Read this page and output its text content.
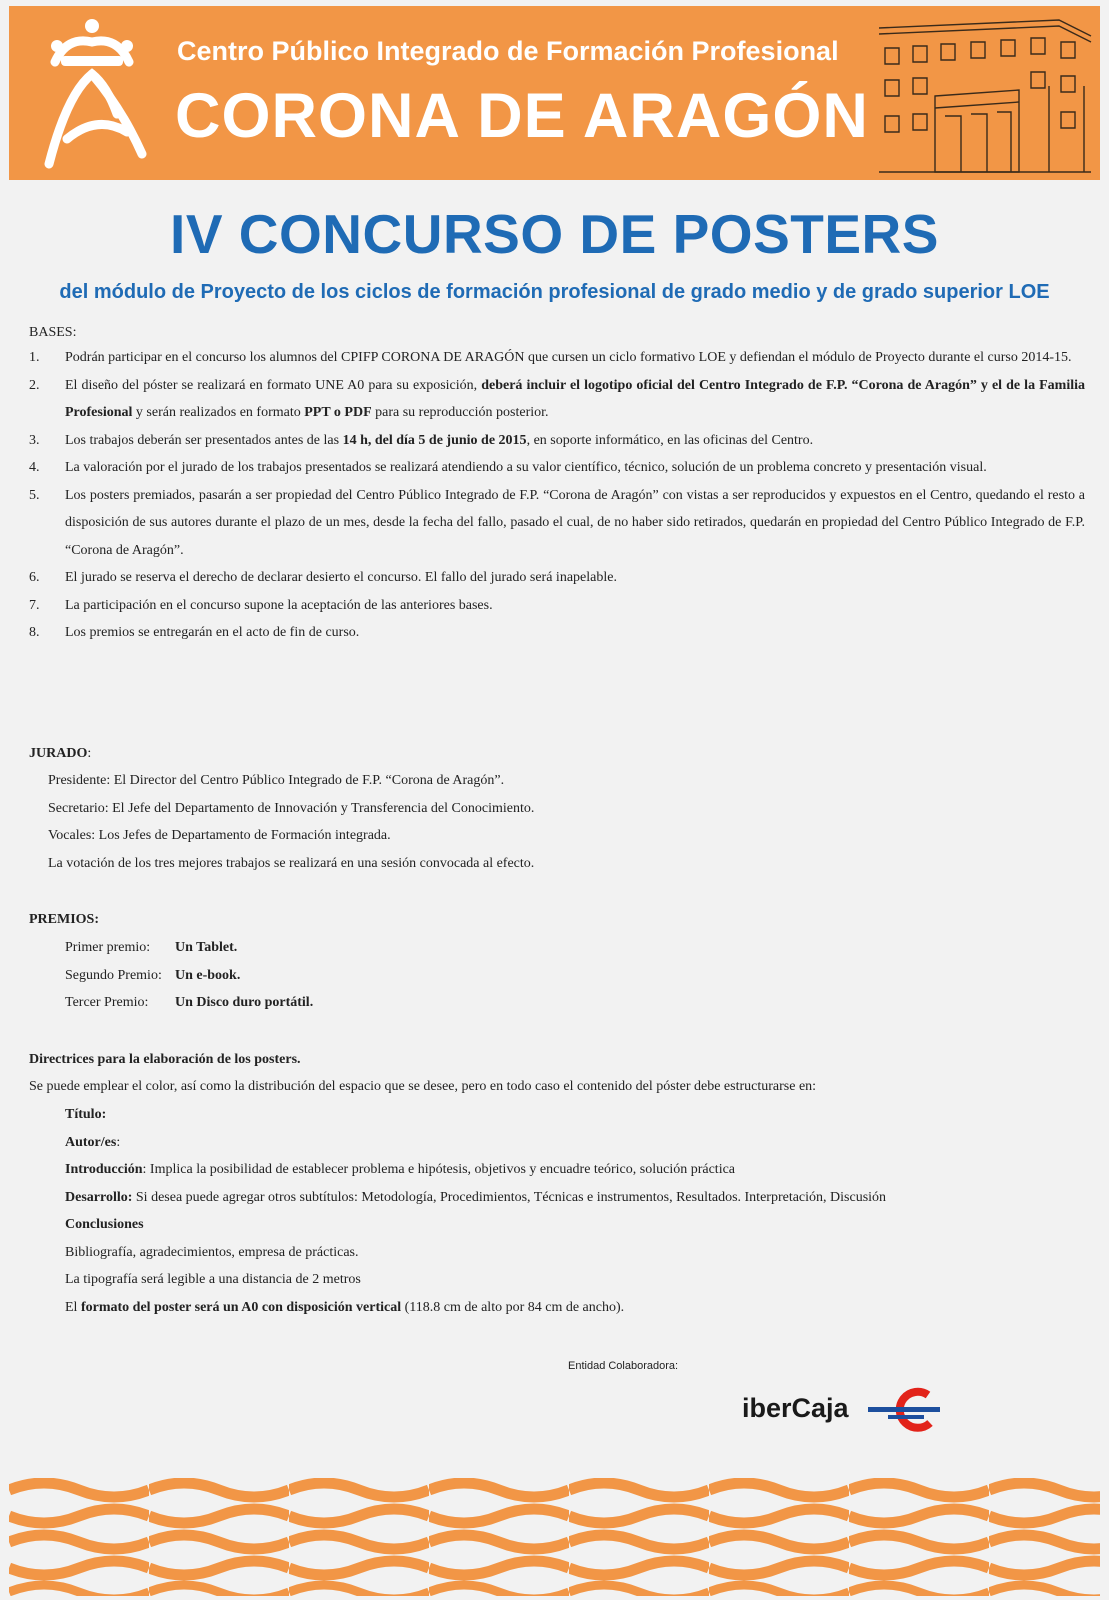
Centro Público Integrado de Formación Profesional
CORONA DE ARAGÓN
IV CONCURSO DE POSTERS
del módulo de Proyecto de los ciclos de formación profesional de grado medio y de grado superior LOE
BASES:
1. Podrán participar en el concurso los alumnos del CPIFP CORONA DE ARAGÓN que cursen un ciclo formativo LOE y defiendan el módulo de Proyecto durante el curso 2014-15.
2. El diseño del póster se realizará en formato UNE A0 para su exposición, deberá incluir el logotipo oficial del Centro Integrado de F.P. “Corona de Aragón” y el de la Familia Profesional y serán realizados en formato PPT o PDF para su reproducción posterior.
3. Los trabajos deberán ser presentados antes de las 14 h, del día 5 de junio de 2015, en soporte informático, en las oficinas del Centro.
4. La valoración por el jurado de los trabajos presentados se realizará atendiendo a su valor científico, técnico, solución de un problema concreto y presentación visual.
5. Los posters premiados, pasarán a ser propiedad del Centro Público Integrado de F.P. “Corona de Aragón” con vistas a ser reproducidos y expuestos en el Centro, quedando el resto a disposición de sus autores durante el plazo de un mes, desde la fecha del fallo, pasado el cual, de no haber sido retirados, quedarán en propiedad del Centro Público Integrado de F.P. “Corona de Aragón”.
6. El jurado se reserva el derecho de declarar desierto el concurso. El fallo del jurado será inapelable.
7. La participación en el concurso supone la aceptación de las anteriores bases.
8. Los premios se entregarán en el acto de fin de curso.
JURADO:
Presidente: El Director del Centro Público Integrado de F.P. “Corona de Aragón”.
Secretario: El Jefe del Departamento de Innovación y Transferencia del Conocimiento.
Vocales: Los Jefes de Departamento de Formación integrada.
La votación de los tres mejores trabajos se realizará en una sesión convocada al efecto.
PREMIOS:
Primer premio: Un Tablet.
Segundo Premio: Un e-book.
Tercer Premio: Un Disco duro portátil.
Directrices para la elaboración de los posters.
Se puede emplear el color, así como la distribución del espacio que se desee, pero en todo caso el contenido del póster debe estructurarse en:
Título:
Autor/es:
Introducción: Implica la posibilidad de establecer problema e hipótesis, objetivos y encuadre teórico, solución práctica
Desarrollo: Si desea puede agregar otros subtítulos: Metodología, Procedimientos, Técnicas e instrumentos, Resultados. Interpretación, Discusión
Conclusiones
Bibliografía, agradecimientos, empresa de prácticas.
La tipografía será legible a una distancia de 2 metros
El formato del poster será un A0 con disposición vertical (118.8 cm de alto por 84 cm de ancho).
Entidad Colaboradora:
iberCaja
